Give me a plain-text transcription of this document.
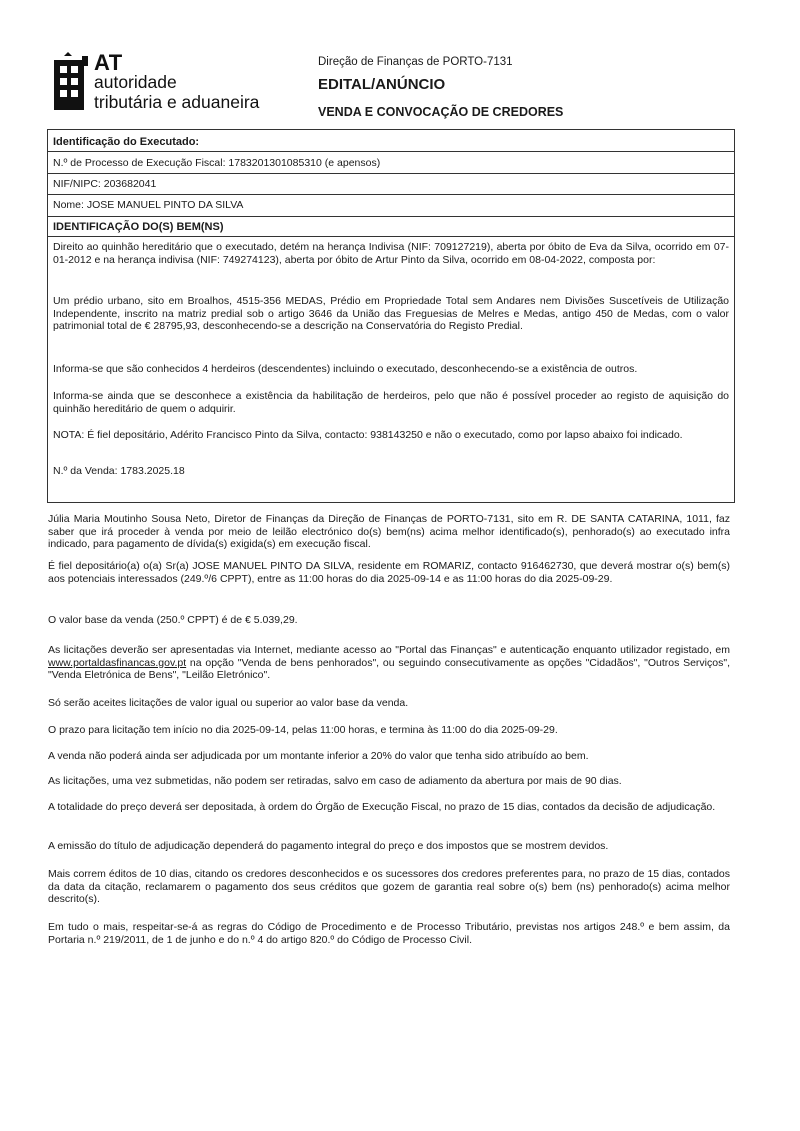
AT
autoridade
tributária e aduaneira
Direção de Finanças de PORTO-7131
EDITAL/ANÚNCIO
VENDA E CONVOCAÇÃO DE CREDORES
Identificação do Executado:
N.º de Processo de Execução Fiscal: 1783201301085310 (e apensos)
NIF/NIPC: 203682041
Nome: JOSE MANUEL PINTO DA SILVA
IDENTIFICAÇÃO DO(S) BEM(NS)
Direito ao quinhão hereditário que o executado, detém na herança Indivisa (NIF: 709127219), aberta por óbito de Eva da Silva, ocorrido em 07-01-2012 e na herança indivisa (NIF: 749274123), aberta por óbito de Artur Pinto da Silva, ocorrido em 08-04-2022, composta por:
Um prédio urbano, sito em Broalhos, 4515-356 MEDAS, Prédio em Propriedade Total sem Andares nem Divisões Suscetíveis de Utilização Independente, inscrito na matriz predial sob o artigo 3646 da União das Freguesias de Melres e Medas, antigo 450 de Medas, com o valor patrimonial total de € 28795,93, desconhecendo-se a descrição na Conservatória do Registo Predial.
Informa-se que são conhecidos 4 herdeiros (descendentes) incluindo o executado, desconhecendo-se a existência de outros.
Informa-se ainda que se desconhece a existência da habilitação de herdeiros, pelo que não é possível proceder ao registo de aquisição do quinhão hereditário de quem o adquirir.
NOTA: É fiel depositário, Adérito Francisco Pinto da Silva, contacto: 938143250 e não o executado, como por lapso abaixo foi indicado.
N.º da Venda: 1783.2025.18
Júlia Maria Moutinho Sousa Neto, Diretor de Finanças da Direção de Finanças de PORTO-7131, sito em R. DE SANTA CATARINA, 1011, faz saber que irá proceder à venda por meio de leilão electrónico do(s) bem(ns) acima melhor identificado(s), penhorado(s) ao executado infra indicado, para pagamento de dívida(s) exigida(s) em execução fiscal.
É fiel depositário(a) o(a) Sr(a) JOSE MANUEL PINTO DA SILVA, residente em ROMARIZ, contacto 916462730, que deverá mostrar o(s) bem(s) aos potenciais interessados (249.º/6 CPPT), entre as 11:00 horas do dia 2025-09-14 e as 11:00 horas do dia 2025-09-29.
O valor base da venda (250.º CPPT) é de € 5.039,29.
As licitações deverão ser apresentadas via Internet, mediante acesso ao "Portal das Finanças" e autenticação enquanto utilizador registado, em www.portaldasfinancas.gov.pt na opção "Venda de bens penhorados", ou seguindo consecutivamente as opções "Cidadãos", "Outros Serviços", "Venda Eletrónica de Bens", "Leilão Eletrónico".
Só serão aceites licitações de valor igual ou superior ao valor base da venda.
O prazo para licitação tem início no dia 2025-09-14, pelas 11:00 horas, e termina às 11:00 do dia 2025-09-29.
A venda não poderá ainda ser adjudicada por um montante inferior a 20% do valor que tenha sido atribuído ao bem.
As licitações, uma vez submetidas, não podem ser retiradas, salvo em caso de adiamento da abertura por mais de 90 dias.
A totalidade do preço deverá ser depositada, à ordem do Órgão de Execução Fiscal, no prazo de 15 dias, contados da decisão de adjudicação.
A emissão do título de adjudicação dependerá do pagamento integral do preço e dos impostos que se mostrem devidos.
Mais correm éditos de 10 dias, citando os credores desconhecidos e os sucessores dos credores preferentes para, no prazo de 15 dias, contados da data da citação, reclamarem o pagamento dos seus créditos que gozem de garantia real sobre o(s) bem (ns) penhorado(s) acima melhor descrito(s).
Em tudo o mais, respeitar-se-á as regras do Código de Procedimento e de Processo Tributário, previstas nos artigos 248.º e bem assim, da Portaria n.º 219/2011, de 1 de junho e do n.º 4 do artigo 820.º do Código de Processo Civil.
